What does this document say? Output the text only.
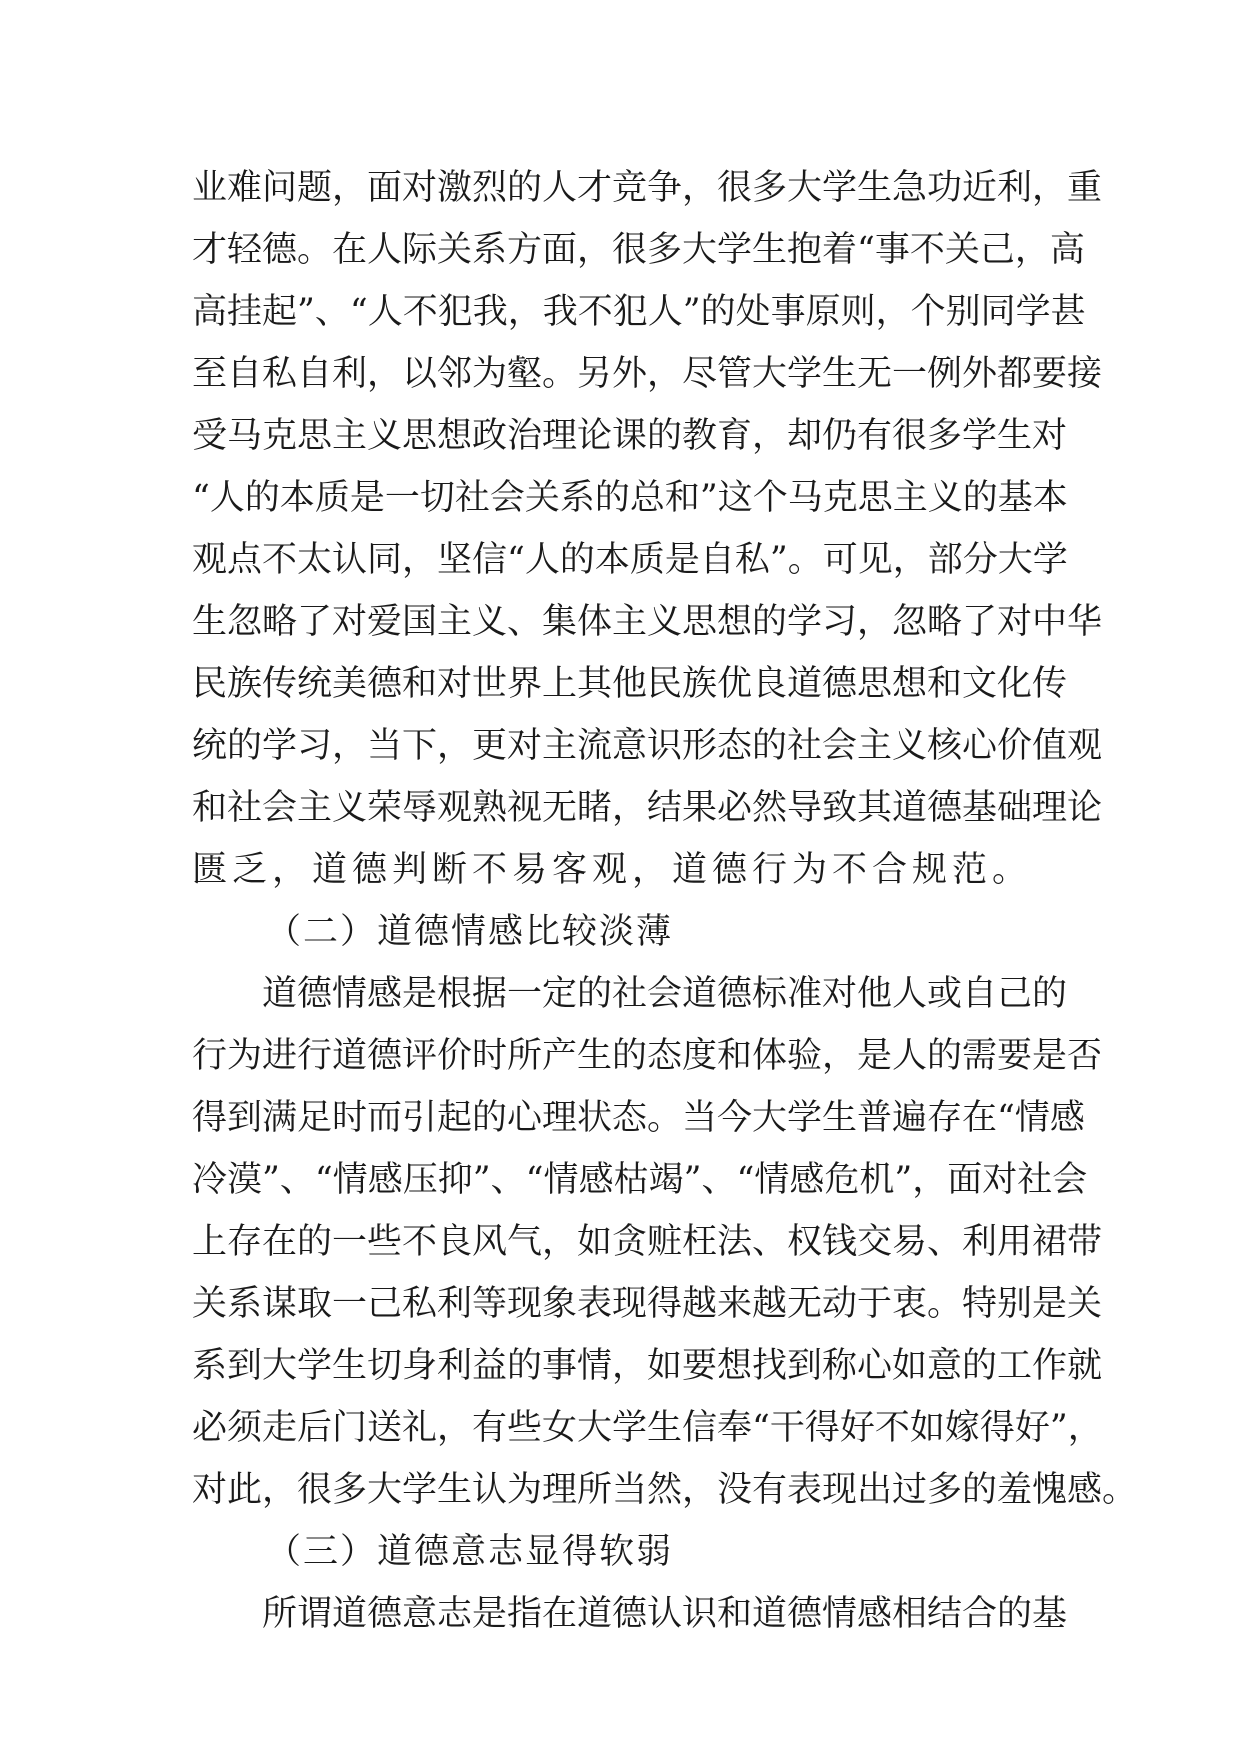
业难问题，面对激烈的人才竞争，很多大学生急功近利，重
才轻德。在人际关系方面，很多大学生抱着“事不关己，高
高挂起”、“人不犯我，我不犯人”的处事原则，个别同学甚
至自私自利，以邻为壑。另外，尽管大学生无一例外都要接
受马克思主义思想政治理论课的教育，却仍有很多学生对
“人的本质是一切社会关系的总和”这个马克思主义的基本
观点不太认同，坚信“人的本质是自私”。可见，部分大学
生忽略了对爱国主义、集体主义思想的学习，忽略了对中华
民族传统美德和对世界上其他民族优良道德思想和文化传
统的学习，当下，更对主流意识形态的社会主义核心价值观
和社会主义荣辱观熟视无睹，结果必然导致其道德基础理论
匮乏，道德判断不易客观，道德行为不合规范。
（二）道德情感比较淡薄
道德情感是根据一定的社会道德标准对他人或自己的
行为进行道德评价时所产生的态度和体验，是人的需要是否
得到满足时而引起的心理状态。当今大学生普遍存在“情感
冷漠”、“情感压抑”、“情感枯竭”、“情感危机”，面对社会
上存在的一些不良风气，如贪赃枉法、权钱交易、利用裙带
关系谋取一己私利等现象表现得越来越无动于衷。特别是关
系到大学生切身利益的事情，如要想找到称心如意的工作就
必须走后门送礼，有些女大学生信奉“干得好不如嫁得好”，
对此，很多大学生认为理所当然，没有表现出过多的羞愧感。
（三）道德意志显得软弱
所谓道德意志是指在道德认识和道德情感相结合的基
